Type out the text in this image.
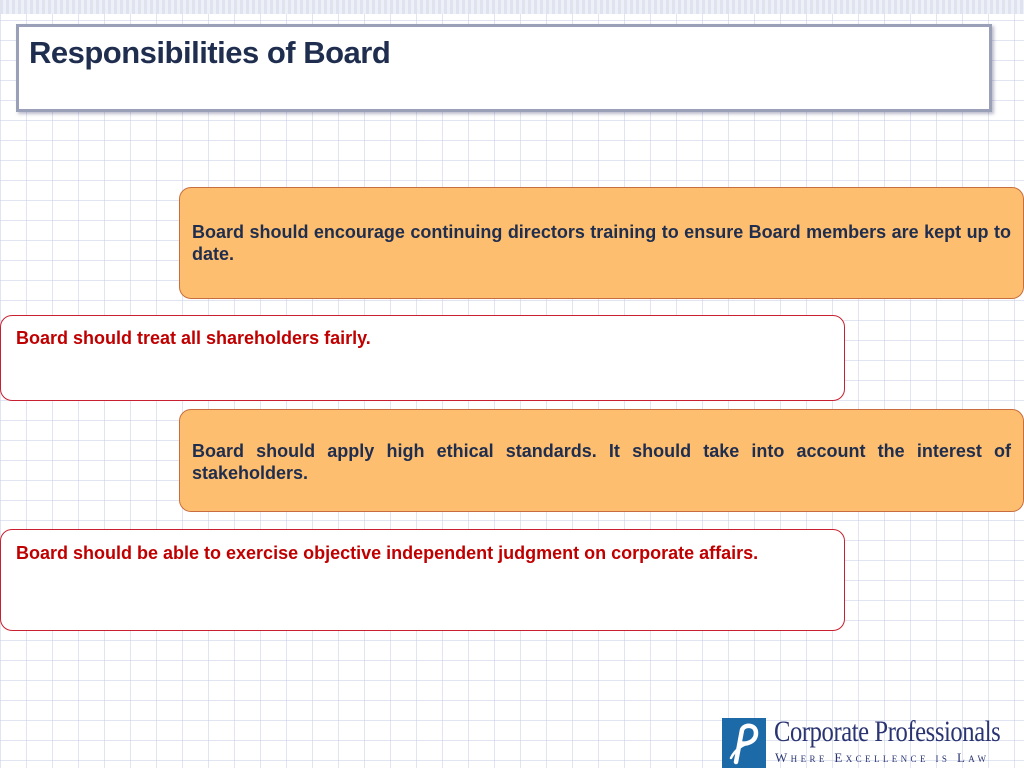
Responsibilities of Board

Board should encourage continuing directors training to ensure Board members are kept up to date.

Board should treat all shareholders fairly.

Board should apply high ethical standards. It should take into account the interest of stakeholders.

Board should be able to exercise objective independent judgment on corporate affairs.

Corporate Professionals
Where Excellence is Law
